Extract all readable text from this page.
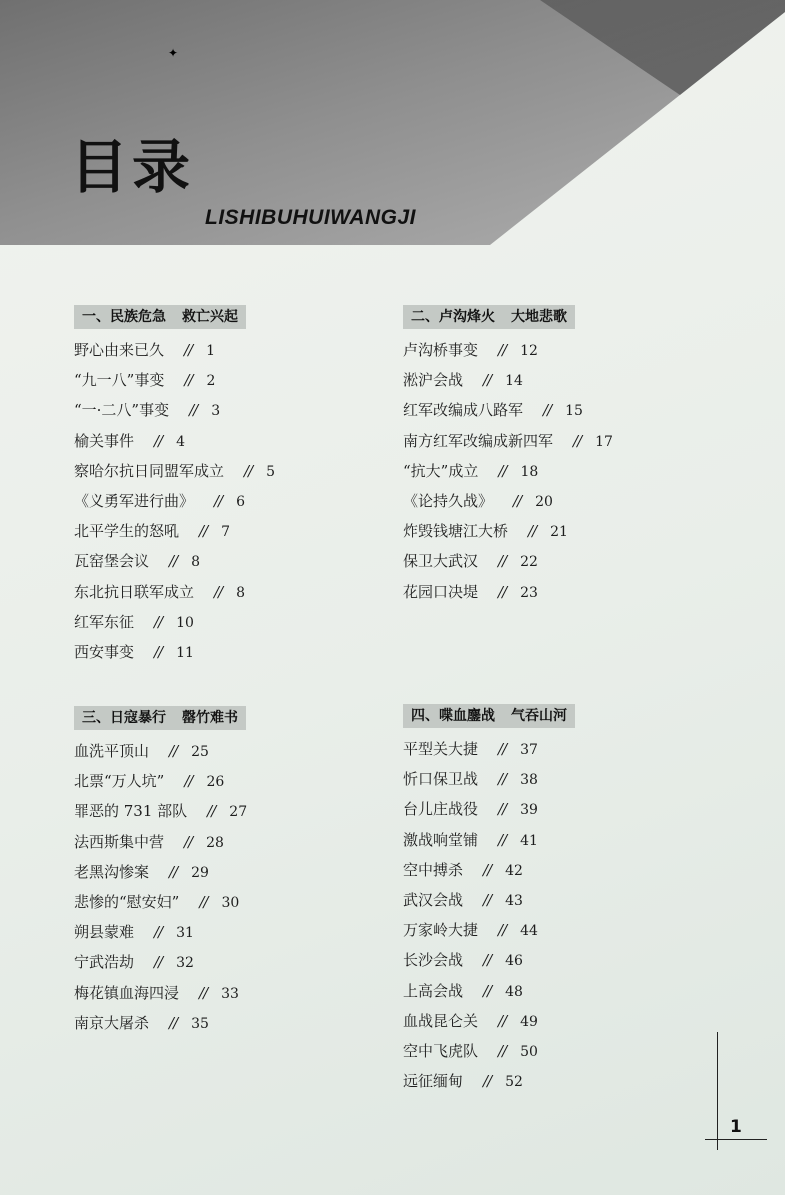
✦
目录
LISHIBUHUIWANGJI
一、民族危急 救亡兴起
野心由来已久 // 1
“九一八”事变 // 2
“一·二八”事变 // 3
榆关事件 // 4
察哈尔抗日同盟军成立 // 5
《义勇军进行曲》 // 6
北平学生的怒吼 // 7
瓦窑堡会议 // 8
东北抗日联军成立 // 8
红军东征 // 10
西安事变 // 11
二、卢沟烽火 大地悲歌
卢沟桥事变 // 12
淞沪会战 // 14
红军改编成八路军 // 15
南方红军改编成新四军 // 17
“抗大”成立 // 18
《论持久战》 // 20
炸毁钱塘江大桥 // 21
保卫大武汉 // 22
花园口决堤 // 23
三、日寇暴行 罄竹难书
血洗平顶山 // 25
北票“万人坑” // 26
罪恶的 731 部队 // 27
法西斯集中营 // 28
老黑沟惨案 // 29
悲惨的“慰安妇” // 30
朔县蒙难 // 31
宁武浩劫 // 32
梅花镇血海四浸 // 33
南京大屠杀 // 35
四、喋血鏖战 气吞山河
平型关大捷 // 37
忻口保卫战 // 38
台儿庄战役 // 39
激战响堂铺 // 41
空中搏杀 // 42
武汉会战 // 43
万家岭大捷 // 44
长沙会战 // 46
上高会战 // 48
血战昆仑关 // 49
空中飞虎队 // 50
远征缅甸 // 52
1
